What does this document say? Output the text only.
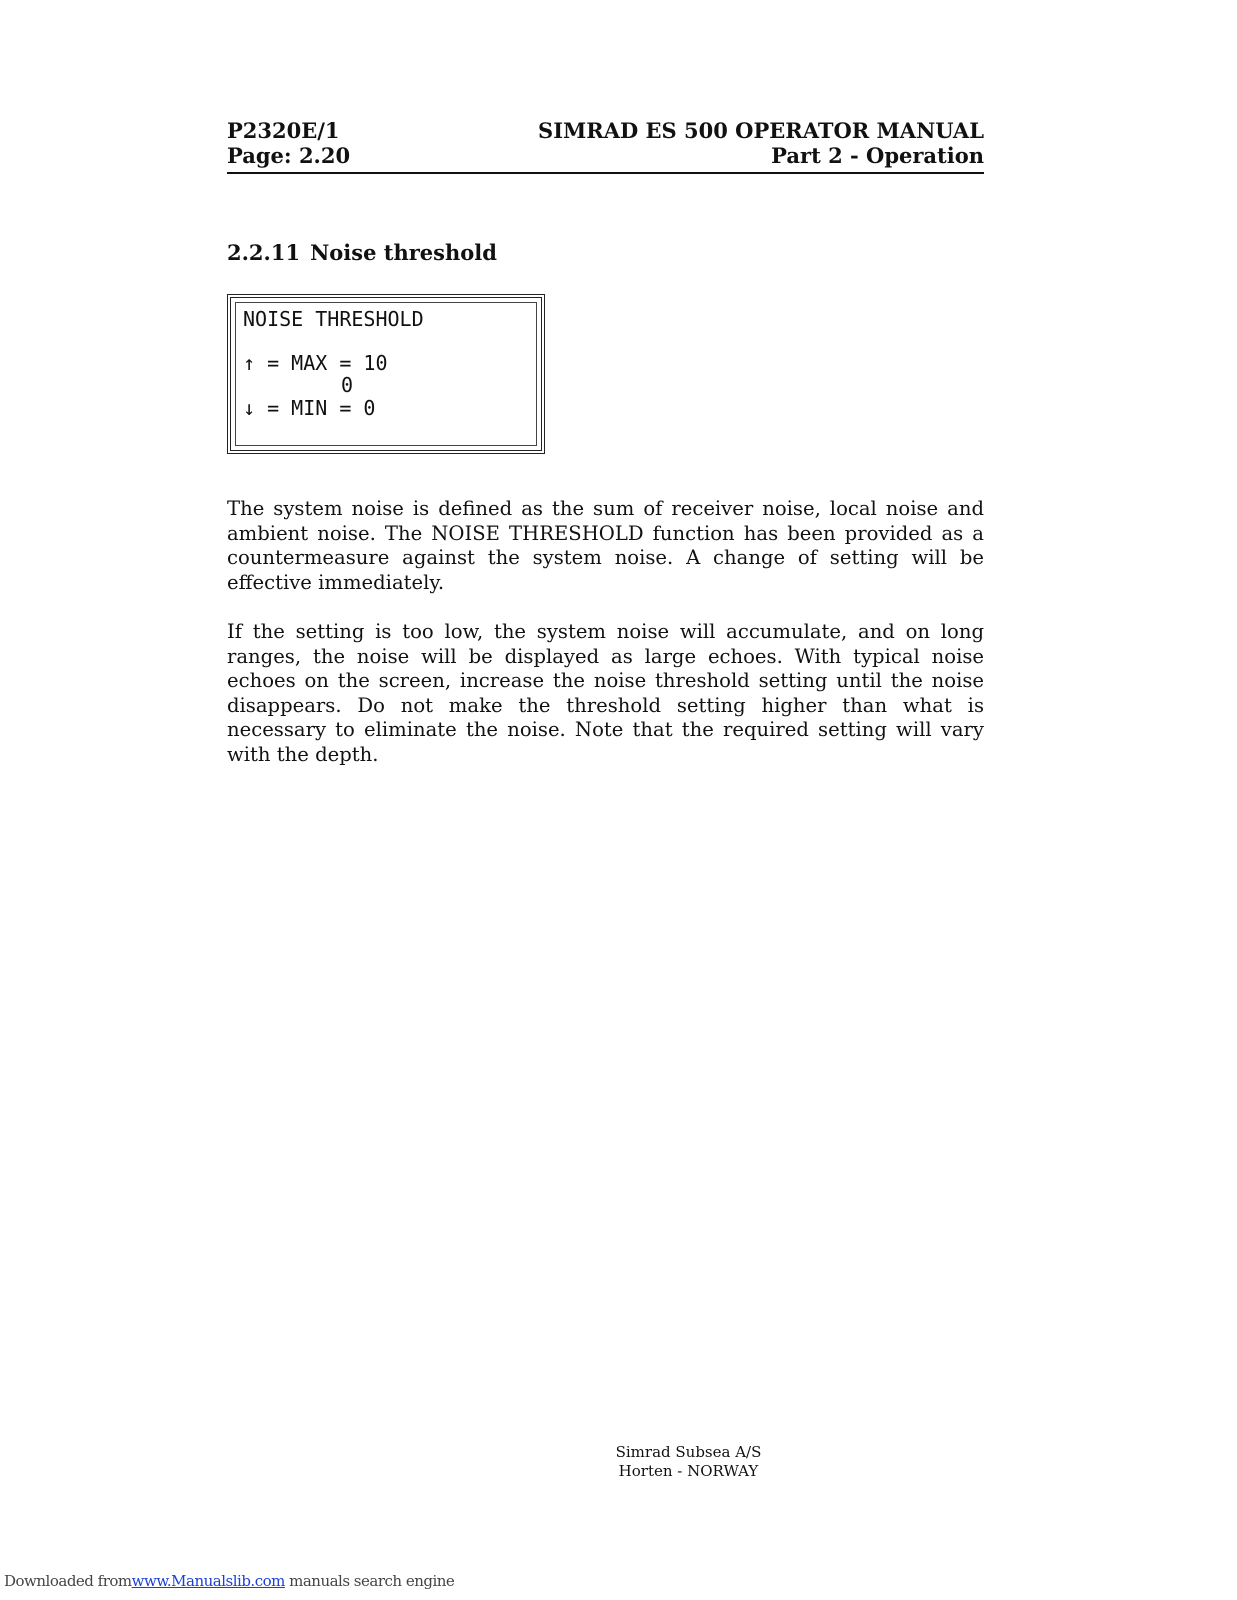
P2320E/1
Page: 2.20
SIMRAD ES 500 OPERATOR MANUAL
Part 2 - Operation
2.2.11 Noise threshold
NOISE THRESHOLD
↑ = MAX = 10
0
↓ = MIN = 0

The system noise is defined as the sum of receiver noise, local noise and ambient noise. The NOISE THRESHOLD function has been provided as a countermeasure against the system noise. A change of setting will be effective immediately.

If the setting is too low, the system noise will accumulate, and on long ranges, the noise will be displayed as large echoes. With typical noise echoes on the screen, increase the noise threshold setting until the noise disappears. Do not make the threshold setting higher than what is necessary to eliminate the noise. Note that the required setting will vary with the depth.

Simrad Subsea A/S
Horten - NORWAY
Downloaded fromwww.Manualslib.com manuals search engine
